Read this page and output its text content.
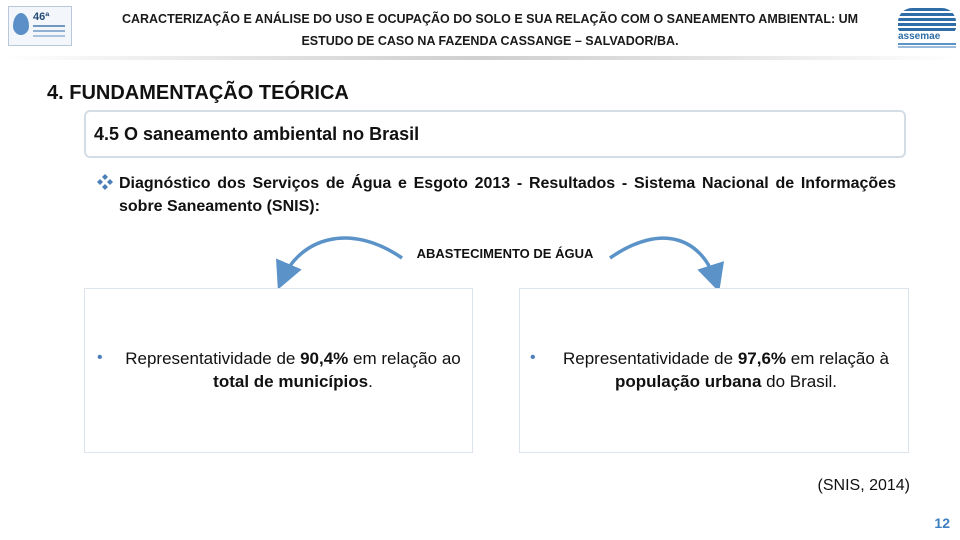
46ª	CARACTERIZAÇÃO E ANÁLISE DO USO E OCUPAÇÃO DO SOLO E SUA RELAÇÃO COM O SANEAMENTO AMBIENTAL: UM
ESTUDO DE CASO NA FAZENDA CASSANGE – SALVADOR/BA.	assemae
4. FUNDAMENTAÇÃO TEÓRICA
4.5 O saneamento ambiental no Brasil
Diagnóstico dos Serviços de Água e Esgoto 2013 - Resultados - Sistema Nacional de Informações sobre Saneamento (SNIS):
ABASTECIMENTO DE ÁGUA
•	Representatividade de 90,4% em relação ao total de municípios.
•	Representatividade de 97,6% em relação à população urbana do Brasil.
(SNIS, 2014)
12
